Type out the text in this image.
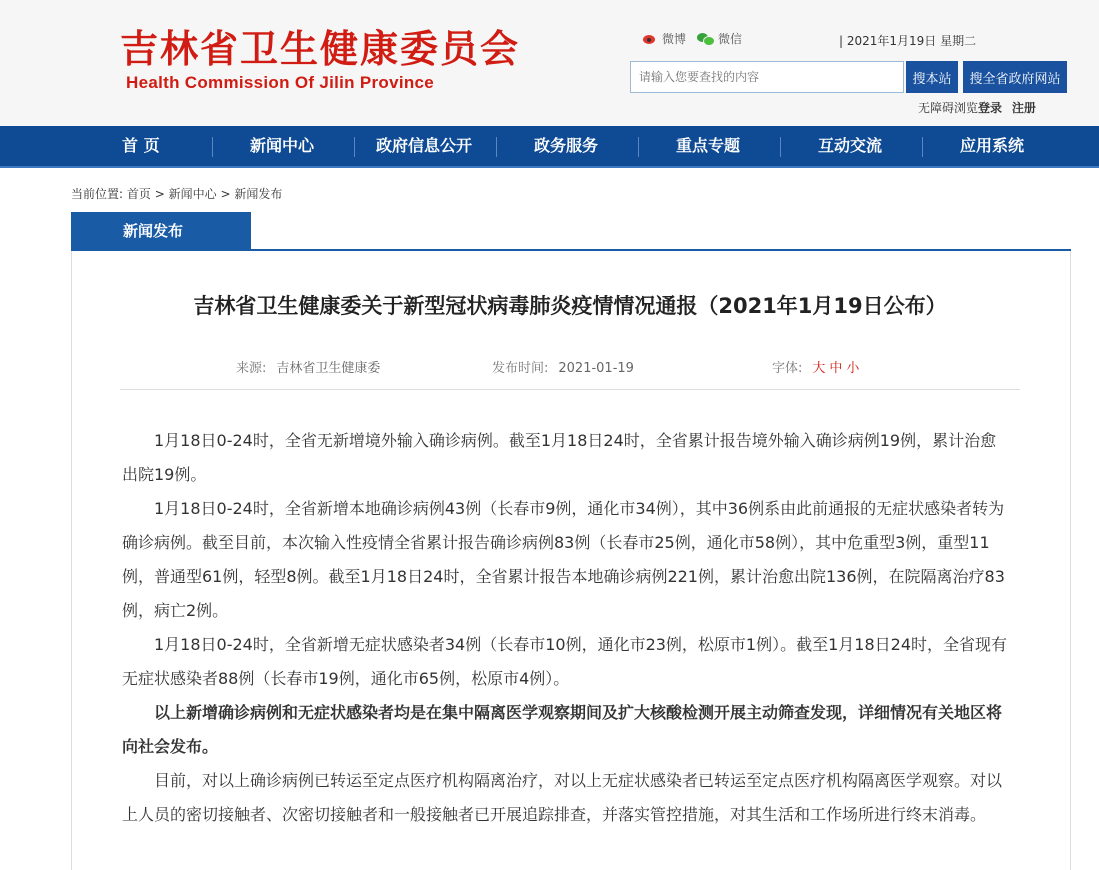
吉林省卫生健康委员会
Health Commission Of Jilin Province
微博	微信	| 2021年1月19日 星期二
请输入您要查找的内容
搜本站	搜全省政府网站
无障碍浏览登录 注册
首 页	新闻中心	政府信息公开	政务服务	重点专题	互动交流	应用系统
当前位置: 首页 > 新闻中心 > 新闻发布
新闻发布
吉林省卫生健康委关于新型冠状病毒肺炎疫情情况通报（2021年1月19日公布）
来源: 吉林省卫生健康委	发布时间: 2021-01-19	字体: 大 中 小

1月18日0-24时，全省无新增境外输入确诊病例。截至1月18日24时，全省累计报告境外输入确诊病例19例，累计治愈出院19例。

1月18日0-24时，全省新增本地确诊病例43例（长春市9例，通化市34例），其中36例系由此前通报的无症状感染者转为确诊病例。截至目前，本次输入性疫情全省累计报告确诊病例83例（长春市25例，通化市58例），其中危重型3例，重型11例，普通型61例，轻型8例。截至1月18日24时，全省累计报告本地确诊病例221例，累计治愈出院136例，在院隔离治疗83例，病亡2例。

1月18日0-24时，全省新增无症状感染者34例（长春市10例，通化市23例，松原市1例）。截至1月18日24时，全省现有无症状感染者88例（长春市19例，通化市65例，松原市4例）。

以上新增确诊病例和无症状感染者均是在集中隔离医学观察期间及扩大核酸检测开展主动筛查发现，详细情况有关地区将向社会发布。

目前，对以上确诊病例已转运至定点医疗机构隔离治疗，对以上无症状感染者已转运至定点医疗机构隔离医学观察。对以上人员的密切接触者、次密切接触者和一般接触者已开展追踪排查，并落实管控措施，对其生活和工作场所进行终末消毒。
